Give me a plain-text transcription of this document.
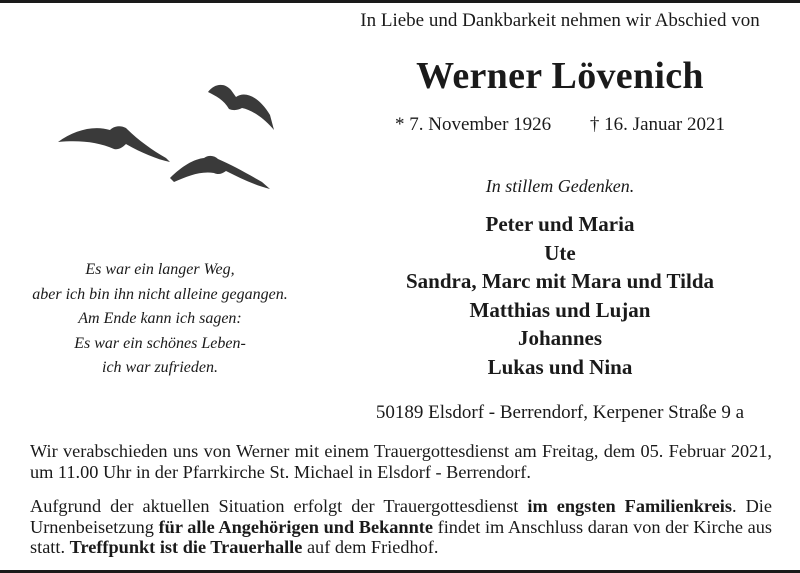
In Liebe und Dankbarkeit nehmen wir Abschied von
Werner Lövenich
* 7. November 1926 † 16. Januar 2021
In stillem Gedenken.
Peter und Maria
Ute
Sandra, Marc mit Mara und Tilda
Matthias und Lujan
Johannes
Lukas und Nina
Es war ein langer Weg,
aber ich bin ihn nicht alleine gegangen.
Am Ende kann ich sagen:
Es war ein schönes Leben-
ich war zufrieden.
50189 Elsdorf - Berrendorf, Kerpener Straße 9 a

Wir verabschieden uns von Werner mit einem Trauergottesdienst am Freitag, dem 05. Februar 2021, um 11.00 Uhr in der Pfarrkirche St. Michael in Elsdorf - Berrendorf.

Aufgrund der aktuellen Situation erfolgt der Trauergottesdienst im engsten Familienkreis. Die Urnenbeisetzung für alle Angehörigen und Bekannte findet im Anschluss daran von der Kirche aus statt. Treffpunkt ist die Trauerhalle auf dem Friedhof.
